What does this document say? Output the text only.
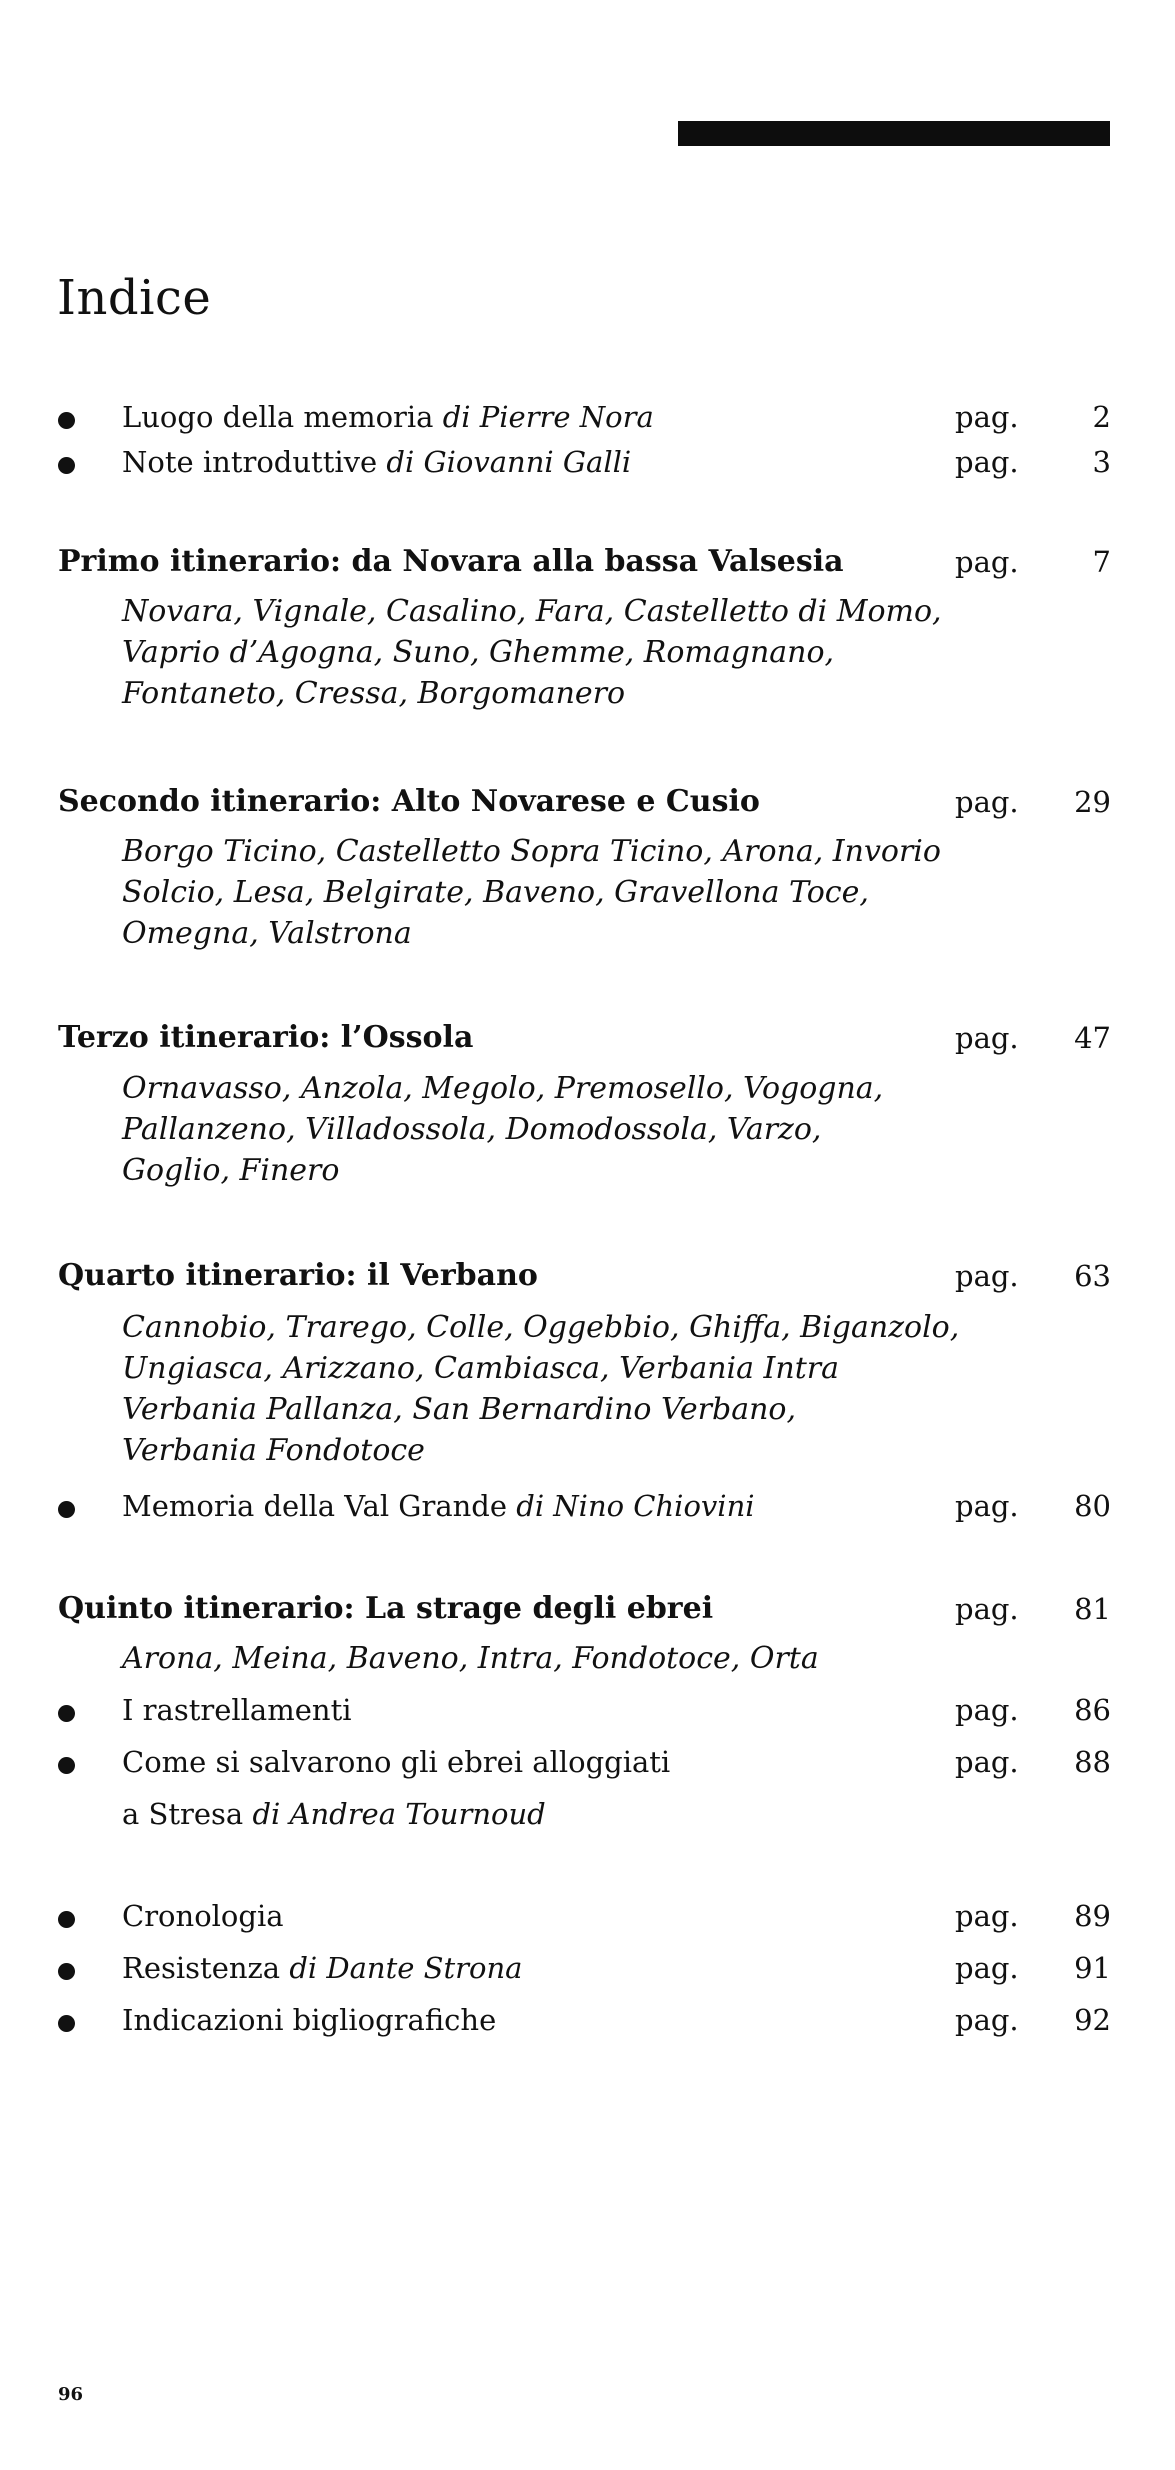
Indice
Luogo della memoria di Pierre Nora	pag.	2
Note introduttive di Giovanni Galli	pag.	3
Primo itinerario: da Novara alla bassa Valsesia	pag.	7
Novara, Vignale, Casalino, Fara, Castelletto di Momo,
Vaprio d’Agogna, Suno, Ghemme, Romagnano,
Fontaneto, Cressa, Borgomanero
Secondo itinerario: Alto Novarese e Cusio	pag. 29
Borgo Ticino, Castelletto Sopra Ticino, Arona, Invorio
Solcio, Lesa, Belgirate, Baveno, Gravellona Toce,
Omegna, Valstrona
Terzo itinerario: l’Ossola	pag. 47
Ornavasso, Anzola, Megolo, Premosello, Vogogna,
Pallanzeno, Villadossola, Domodossola, Varzo,
Goglio, Finero
Quarto itinerario: il Verbano	pag. 63
Cannobio, Trarego, Colle, Oggebbio, Ghiffa, Biganzolo,
Ungiasca, Arizzano, Cambiasca, Verbania Intra
Verbania Pallanza, San Bernardino Verbano,
Verbania Fondotoce
Memoria della Val Grande di Nino Chiovini	pag. 80
Quinto itinerario: La strage degli ebrei	pag. 81
Arona, Meina, Baveno, Intra, Fondotoce, Orta
I rastrellamenti	pag. 86
Come si salvarono gli ebrei alloggiati	pag. 88
a Stresa di Andrea Tournoud
Cronologia	pag. 89
Resistenza di Dante Strona	pag. 91
Indicazioni bigliografiche	pag. 92
96
